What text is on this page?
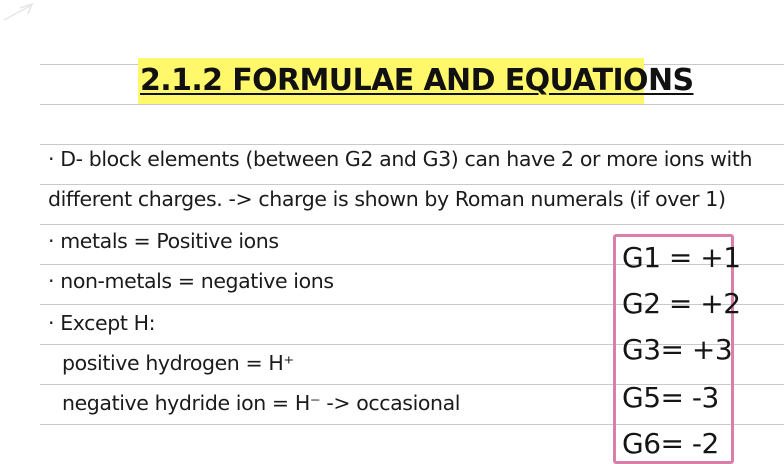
2.1.2 FORMULAE AND EQUATIONS
· D- block elements (between G2 and G3) can have 2 or more ions with
different charges. -> charge is shown by Roman numerals (if over 1)
· metals = Positive ions
· non-metals = negative ions
· Except H:
positive hydrogen = H⁺
negative hydride ion = H⁻ -> occasional
G1 = +1
G2 = +2
G3= +3
G5= -3
G6= -2
